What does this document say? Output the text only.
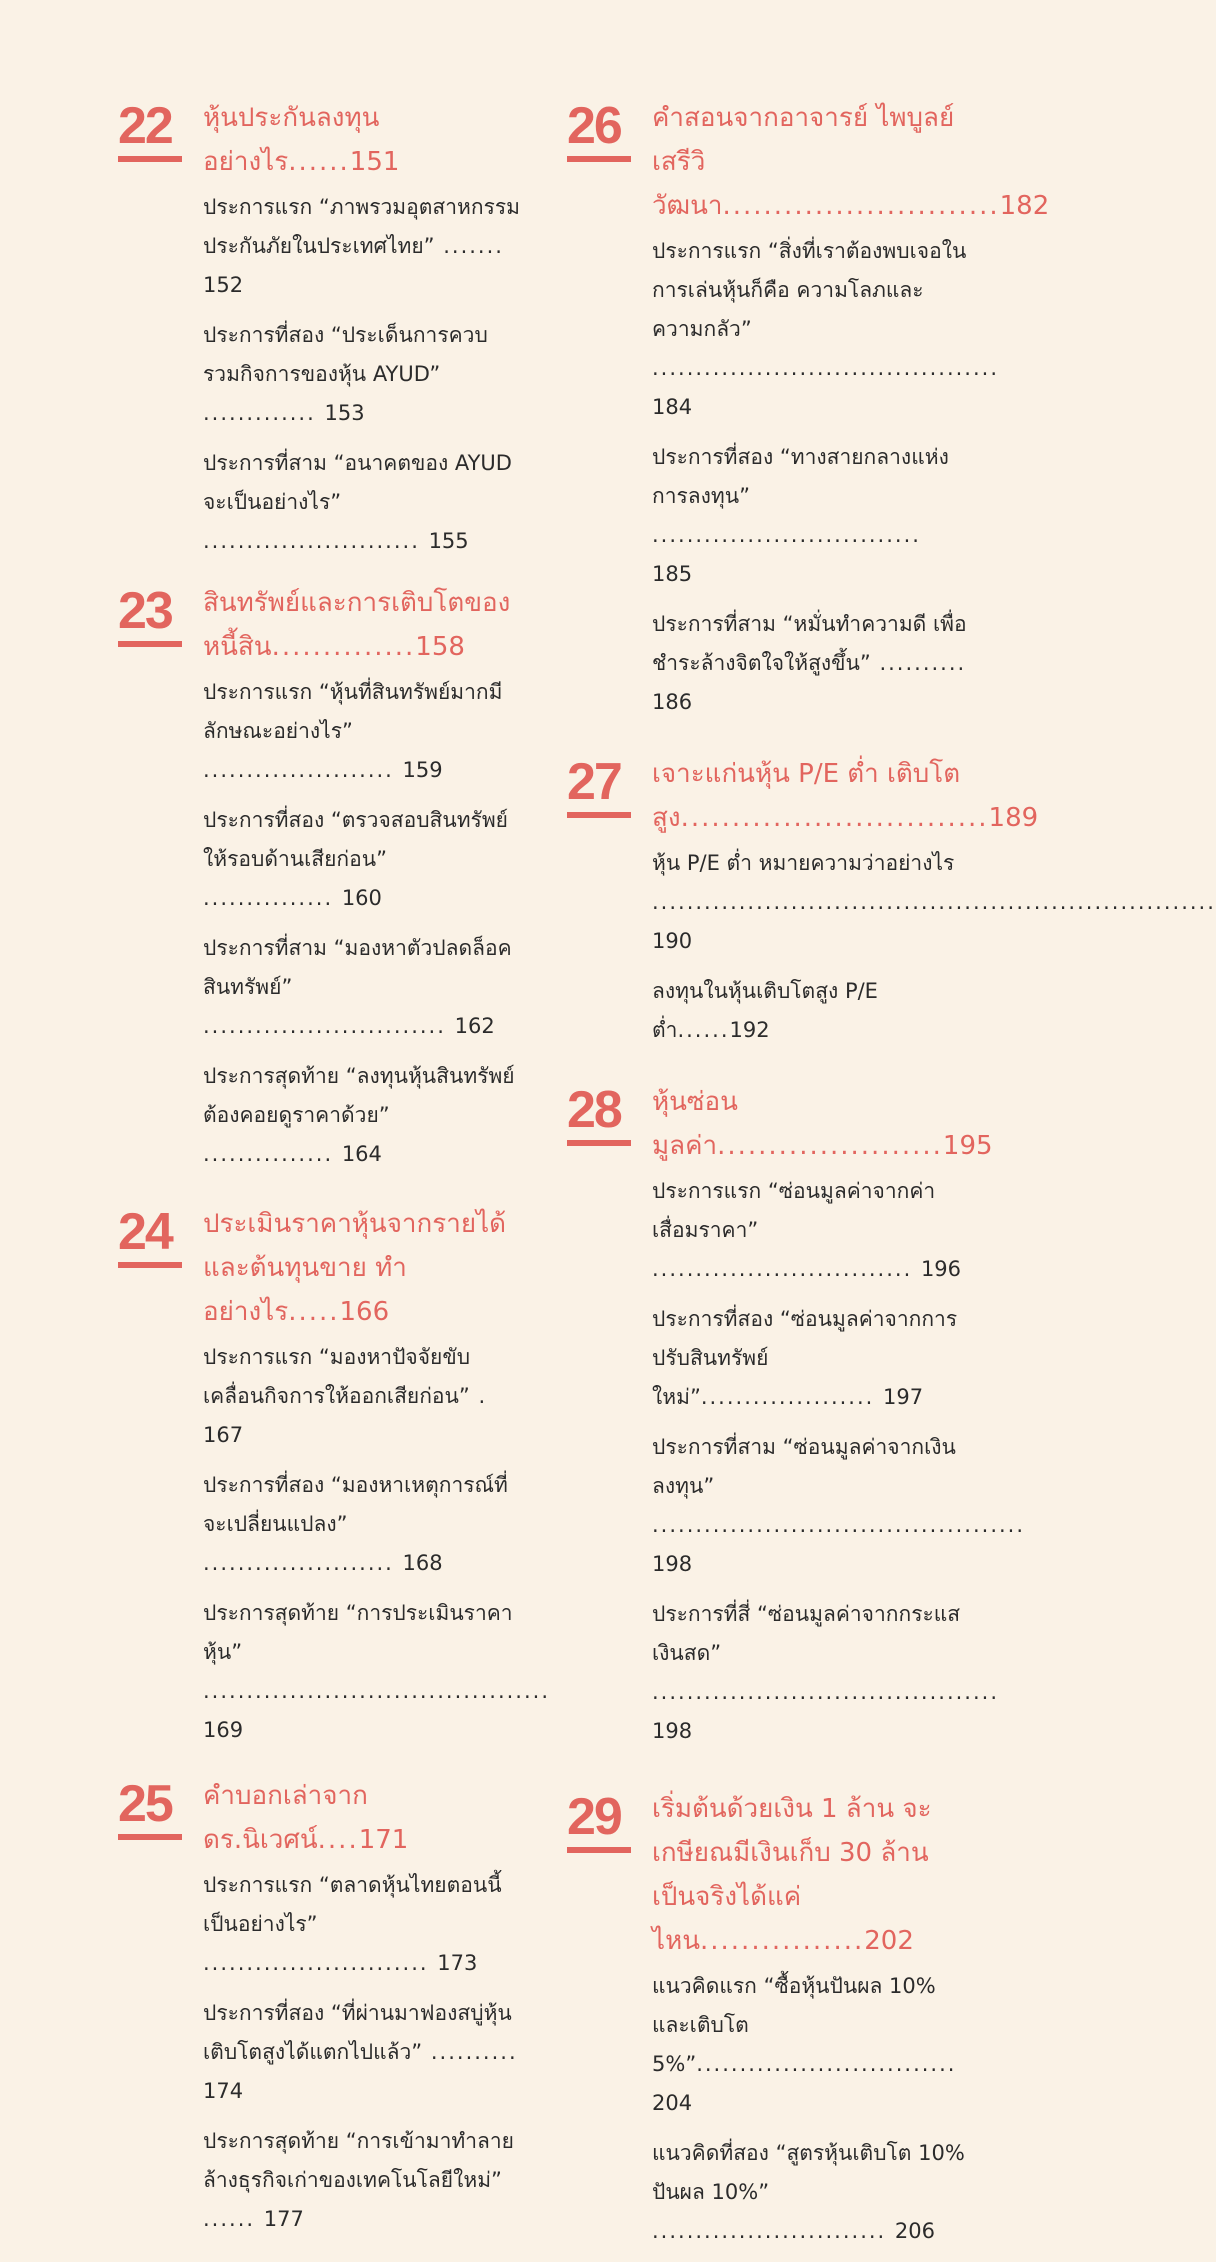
22	หุ้นประกันลงทุนอย่างไร......151
ประการแรก “ภาพรวมอุตสาหกรรมประกันภัยในประเทศไทย” ....... 152
ประการที่สอง “ประเด็นการควบรวมกิจการของหุ้น AYUD” ............. 153
ประการที่สาม “อนาคตของ AYUD จะเป็นอย่างไร” ......................... 155
23	สินทรัพย์และการเติบโตของหนี้สิน..............158
ประการแรก “หุ้นที่สินทรัพย์มากมีลักษณะอย่างไร” ...................... 159
ประการที่สอง “ตรวจสอบสินทรัพย์ให้รอบด้านเสียก่อน” ............... 160
ประการที่สาม “มองหาตัวปลดล็อคสินทรัพย์” ............................ 162
ประการสุดท้าย “ลงทุนหุ้นสินทรัพย์ต้องคอยดูราคาด้วย” ............... 164
24	ประเมินราคาหุ้นจากรายได้และต้นทุนขาย ทำอย่างไร.....166
ประการแรก “มองหาปัจจัยขับเคลื่อนกิจการให้ออกเสียก่อน” . 167
ประการที่สอง “มองหาเหตุการณ์ที่จะเปลี่ยนแปลง” ...................... 168
ประการสุดท้าย “การประเมินราคาหุ้น” ........................................ 169
25	คำบอกเล่าจาก ดร.นิเวศน์....171
ประการแรก “ตลาดหุ้นไทยตอนนี้เป็นอย่างไร” .......................... 173
ประการที่สอง “ที่ผ่านมาฟองสบู่หุ้นเติบโตสูงได้แตกไปแล้ว” .......... 174
ประการสุดท้าย “การเข้ามาทำลายล้างธุรกิจเก่าของเทคโนโลยีใหม่” ...... 177
26	คำสอนจากอาจารย์ ไพบูลย์ เสรีวิวัฒนา...........................182
ประการแรก “สิ่งที่เราต้องพบเจอในการเล่นหุ้นก็คือ ความโลภและความกลัว” ........................................ 184
ประการที่สอง “ทางสายกลางแห่งการลงทุน” ............................... 185
ประการที่สาม “หมั่นทำความดี เพื่อชำระล้างจิตใจให้สูงขึ้น” .......... 186
27	เจาะแก่นหุ้น P/E ต่ำ เติบโตสูง..............................189
หุ้น P/E ต่ำ หมายความว่าอย่างไร ................................................................. 190
ลงทุนในหุ้นเติบโตสูง P/E ต่ำ......192
28	หุ้นซ่อนมูลค่า......................195
ประการแรก “ซ่อนมูลค่าจากค่าเสื่อมราคา” .............................. 196
ประการที่สอง “ซ่อนมูลค่าจากการปรับสินทรัพย์ใหม่”.................... 197
ประการที่สาม “ซ่อนมูลค่าจากเงินลงทุน” ........................................... 198
ประการที่สี่ “ซ่อนมูลค่าจากกระแสเงินสด” ........................................ 198
29	เริ่มต้นด้วยเงิน 1 ล้าน จะเกษียณมีเงินเก็บ 30 ล้าน เป็นจริงได้แค่ไหน................202
แนวคิดแรก “ซื้อหุ้นปันผล 10% และเติบโต 5%”.............................. 204
แนวคิดที่สอง “สูตรหุ้นเติบโต 10% ปันผล 10%” ........................... 206
